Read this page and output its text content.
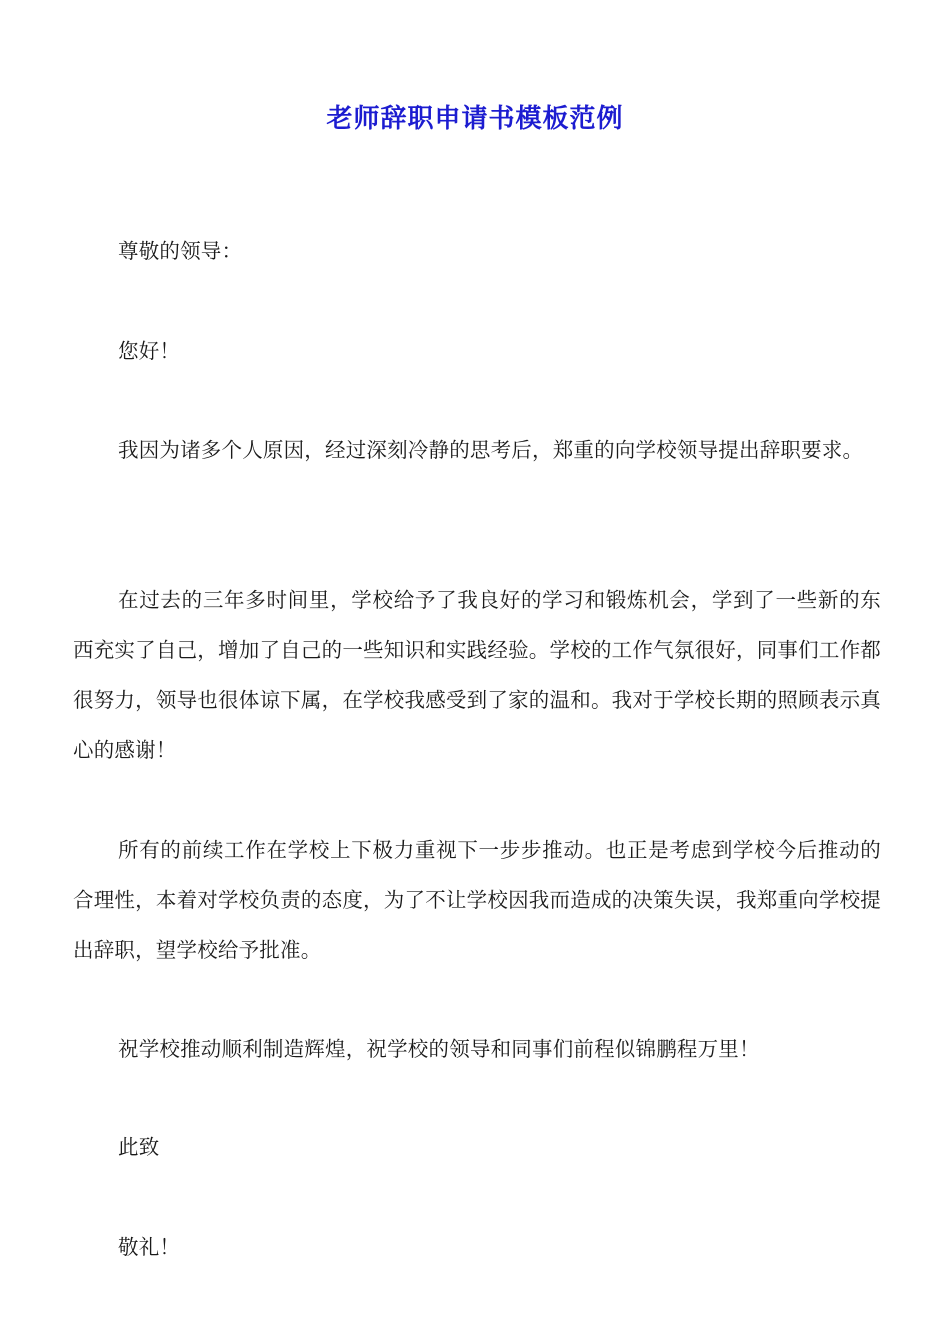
老师辞职申请书模板范例

尊敬的领导：

您好！

我因为诸多个人原因，经过深刻冷静的思考后，郑重的向学校领导提出辞职要求。

在过去的三年多时间里，学校给予了我良好的学习和锻炼机会，学到了一些新的东西充实了自己，增加了自己的一些知识和实践经验。学校的工作气氛很好，同事们工作都很努力，领导也很体谅下属，在学校我感受到了家的温和。我对于学校长期的照顾表示真心的感谢！

所有的前续工作在学校上下极力重视下一步步推动。也正是考虑到学校今后推动的合理性，本着对学校负责的态度，为了不让学校因我而造成的决策失误，我郑重向学校提出辞职，望学校给予批准。

祝学校推动顺利制造辉煌，祝学校的领导和同事们前程似锦鹏程万里！

此致

敬礼！
